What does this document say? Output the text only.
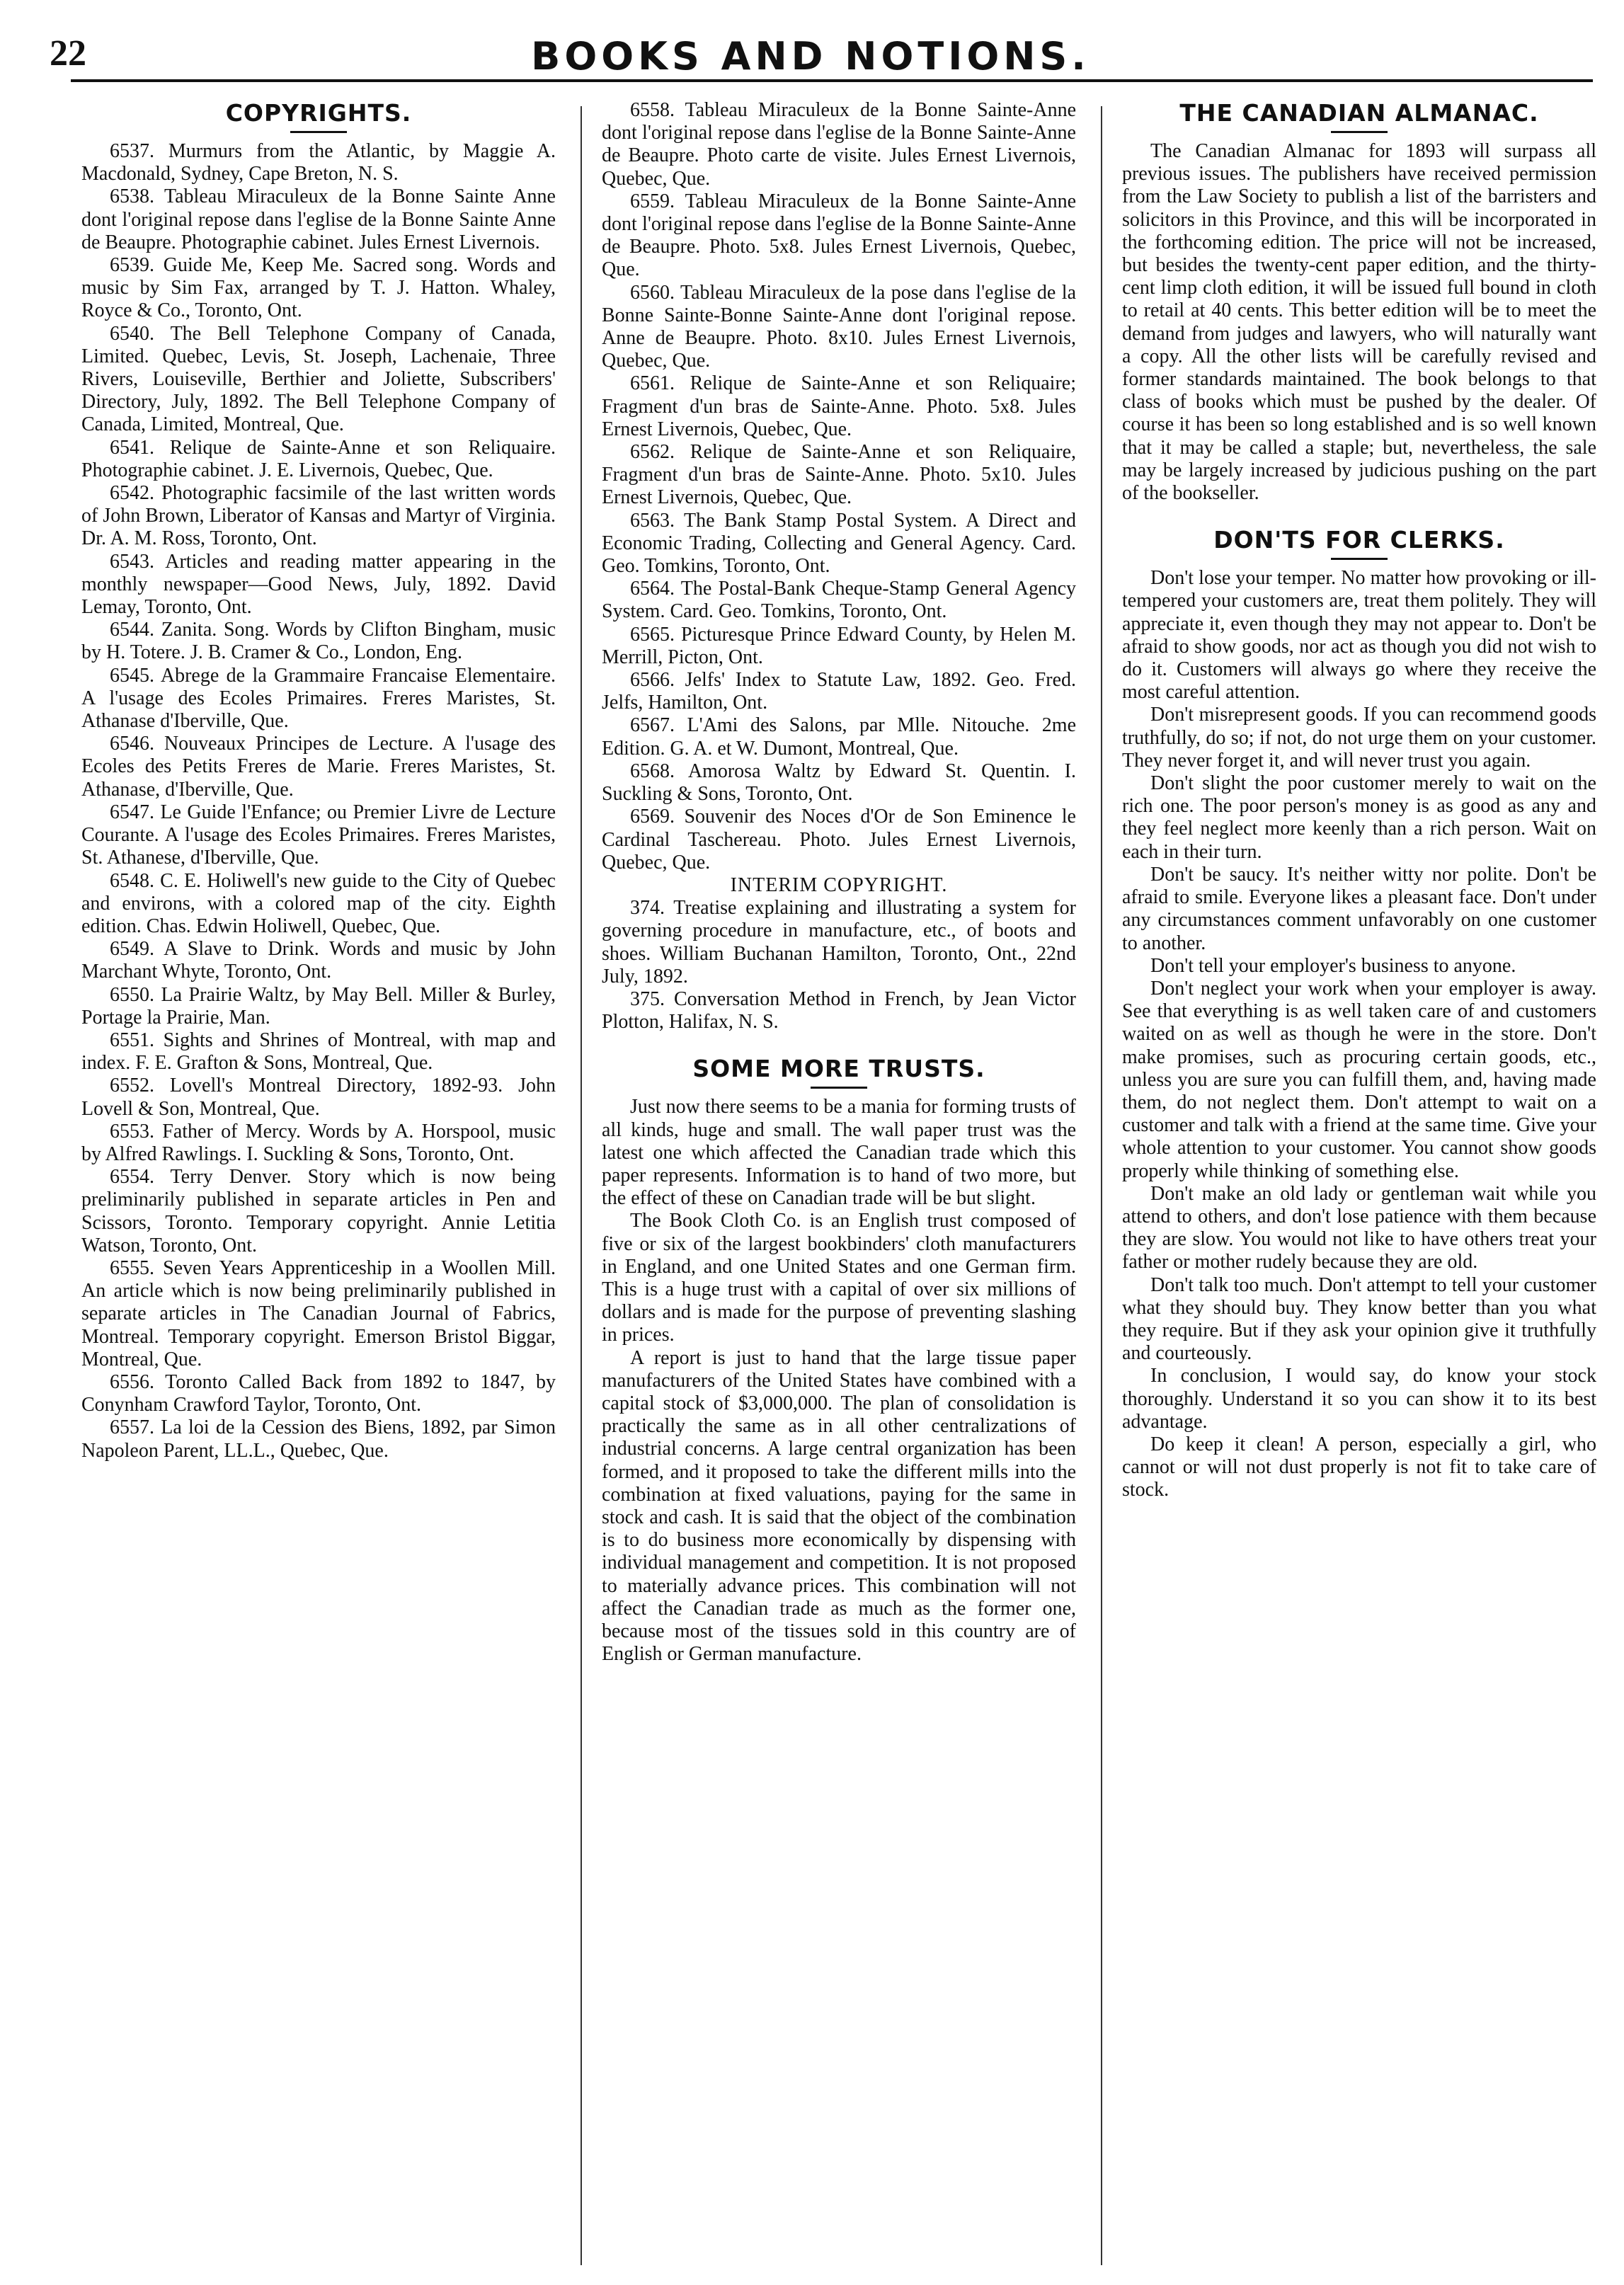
22	BOOKS AND NOTIONS.
COPYRIGHTS.

6537. Murmurs from the Atlantic, by Maggie A. Macdonald, Sydney, Cape Breton, N. S.

6538. Tableau Miraculeux de la Bonne Sainte Anne dont l'original repose dans l'eglise de la Bonne Sainte Anne de Beaupre. Photographie cabinet. Jules Ernest Livernois.

6539. Guide Me, Keep Me. Sacred song. Words and music by Sim Fax, arranged by T. J. Hatton. Whaley, Royce & Co., Toronto, Ont.

6540. The Bell Telephone Company of Canada, Limited. Quebec, Levis, St. Joseph, Lachenaie, Three Rivers, Louiseville, Berthier and Joliette, Subscribers' Directory, July, 1892. The Bell Telephone Company of Canada, Limited, Montreal, Que.

6541. Relique de Sainte-Anne et son Reliquaire. Photographie cabinet. J. E. Livernois, Quebec, Que.

6542. Photographic facsimile of the last written words of John Brown, Liberator of Kansas and Martyr of Virginia. Dr. A. M. Ross, Toronto, Ont.

6543. Articles and reading matter appearing in the monthly newspaper—Good News, July, 1892. David Lemay, Toronto, Ont.

6544. Zanita. Song. Words by Clifton Bingham, music by H. Totere. J. B. Cramer & Co., London, Eng.

6545. Abrege de la Grammaire Francaise Elementaire. A l'usage des Ecoles Primaires. Freres Maristes, St. Athanase d'Iberville, Que.

6546. Nouveaux Principes de Lecture. A l'usage des Ecoles des Petits Freres de Marie. Freres Maristes, St. Athanase, d'Iberville, Que.

6547. Le Guide l'Enfance; ou Premier Livre de Lecture Courante. A l'usage des Ecoles Primaires. Freres Maristes, St. Athanese, d'Iberville, Que.

6548. C. E. Holiwell's new guide to the City of Quebec and environs, with a colored map of the city. Eighth edition. Chas. Edwin Holiwell, Quebec, Que.

6549. A Slave to Drink. Words and music by John Marchant Whyte, Toronto, Ont.

6550. La Prairie Waltz, by May Bell. Miller & Burley, Portage la Prairie, Man.

6551. Sights and Shrines of Montreal, with map and index. F. E. Grafton & Sons, Montreal, Que.

6552. Lovell's Montreal Directory, 1892-93. John Lovell & Son, Montreal, Que.

6553. Father of Mercy. Words by A. Horspool, music by Alfred Rawlings. I. Suckling & Sons, Toronto, Ont.

6554. Terry Denver. Story which is now being preliminarily published in separate articles in Pen and Scissors, Toronto. Temporary copyright. Annie Letitia Watson, Toronto, Ont.

6555. Seven Years Apprenticeship in a Woollen Mill. An article which is now being preliminarily published in separate articles in The Canadian Journal of Fabrics, Montreal. Temporary copyright. Emerson Bristol Biggar, Montreal, Que.

6556. Toronto Called Back from 1892 to 1847, by Conynham Crawford Taylor, Toronto, Ont.

6557. La loi de la Cession des Biens, 1892, par Simon Napoleon Parent, LL.L., Quebec, Que.

6558. Tableau Miraculeux de la Bonne Sainte-Anne dont l'original repose dans l'eglise de la Bonne Sainte-Anne de Beaupre. Photo carte de visite. Jules Ernest Livernois, Quebec, Que.

6559. Tableau Miraculeux de la Bonne Sainte-Anne dont l'original repose dans l'eglise de la Bonne Sainte-Anne de Beaupre. Photo. 5x8. Jules Ernest Livernois, Quebec, Que.

6560. Tableau Miraculeux de la pose dans l'eglise de la Bonne Sainte-Bonne Sainte-Anne dont l'original repose. Anne de Beaupre. Photo. 8x10. Jules Ernest Livernois, Quebec, Que.

6561. Relique de Sainte-Anne et son Reliquaire; Fragment d'un bras de Sainte-Anne. Photo. 5x8. Jules Ernest Livernois, Quebec, Que.

6562. Relique de Sainte-Anne et son Reliquaire, Fragment d'un bras de Sainte-Anne. Photo. 5x10. Jules Ernest Livernois, Quebec, Que.

6563. The Bank Stamp Postal System. A Direct and Economic Trading, Collecting and General Agency. Card. Geo. Tomkins, Toronto, Ont.

6564. The Postal-Bank Cheque-Stamp General Agency System. Card. Geo. Tomkins, Toronto, Ont.

6565. Picturesque Prince Edward County, by Helen M. Merrill, Picton, Ont.

6566. Jelfs' Index to Statute Law, 1892. Geo. Fred. Jelfs, Hamilton, Ont.

6567. L'Ami des Salons, par Mlle. Nitouche. 2me Edition. G. A. et W. Dumont, Montreal, Que.

6568. Amorosa Waltz by Edward St. Quentin. I. Suckling & Sons, Toronto, Ont.

6569. Souvenir des Noces d'Or de Son Eminence le Cardinal Taschereau. Photo. Jules Ernest Livernois, Quebec, Que.

INTERIM COPYRIGHT.

374. Treatise explaining and illustrating a system for governing procedure in manufacture, etc., of boots and shoes. William Buchanan Hamilton, Toronto, Ont., 22nd July, 1892.

375. Conversation Method in French, by Jean Victor Plotton, Halifax, N. S.

SOME MORE TRUSTS.

Just now there seems to be a mania for forming trusts of all kinds, huge and small. The wall paper trust was the latest one which affected the Canadian trade which this paper represents. Information is to hand of two more, but the effect of these on Canadian trade will be but slight.

The Book Cloth Co. is an English trust composed of five or six of the largest bookbinders' cloth manufacturers in England, and one United States and one German firm. This is a huge trust with a capital of over six millions of dollars and is made for the purpose of preventing slashing in prices.

A report is just to hand that the large tissue paper manufacturers of the United States have combined with a capital stock of $3,000,000. The plan of consolidation is practically the same as in all other centralizations of industrial concerns. A large central organization has been formed, and it proposed to take the different mills into the combination at fixed valuations, paying for the same in stock and cash. It is said that the object of the combination is to do business more economically by dispensing with individual management and competition. It is not proposed to materially advance prices. This combination will not affect the Canadian trade as much as the former one, because most of the tissues sold in this country are of English or German manufacture.

THE CANADIAN ALMANAC.

The Canadian Almanac for 1893 will surpass all previous issues. The publishers have received permission from the Law Society to publish a list of the barristers and solicitors in this Province, and this will be incorporated in the forthcoming edition. The price will not be increased, but besides the twenty-cent paper edition, and the thirty-cent limp cloth edition, it will be issued full bound in cloth to retail at 40 cents. This better edition will be to meet the demand from judges and lawyers, who will naturally want a copy. All the other lists will be carefully revised and former standards maintained. The book belongs to that class of books which must be pushed by the dealer. Of course it has been so long established and is so well known that it may be called a staple; but, nevertheless, the sale may be largely increased by judicious pushing on the part of the bookseller.

DON'TS FOR CLERKS.

Don't lose your temper. No matter how provoking or ill-tempered your customers are, treat them politely. They will appreciate it, even though they may not appear to. Don't be afraid to show goods, nor act as though you did not wish to do it. Customers will always go where they receive the most careful attention.

Don't misrepresent goods. If you can recommend goods truthfully, do so; if not, do not urge them on your customer. They never forget it, and will never trust you again.

Don't slight the poor customer merely to wait on the rich one. The poor person's money is as good as any and they feel neglect more keenly than a rich person. Wait on each in their turn.

Don't be saucy. It's neither witty nor polite. Don't be afraid to smile. Everyone likes a pleasant face. Don't under any circumstances comment unfavorably on one customer to another.

Don't tell your employer's business to anyone.

Don't neglect your work when your employer is away. See that everything is as well taken care of and customers waited on as well as though he were in the store. Don't make promises, such as procuring certain goods, etc., unless you are sure you can fulfill them, and, having made them, do not neglect them. Don't attempt to wait on a customer and talk with a friend at the same time. Give your whole attention to your customer. You cannot show goods properly while thinking of something else.

Don't make an old lady or gentleman wait while you attend to others, and don't lose patience with them because they are slow. You would not like to have others treat your father or mother rudely because they are old.

Don't talk too much. Don't attempt to tell your customer what they should buy. They know better than you what they require. But if they ask your opinion give it truthfully and courteously.

In conclusion, I would say, do know your stock thoroughly. Understand it so you can show it to its best advantage.

Do keep it clean! A person, especially a girl, who cannot or will not dust properly is not fit to take care of stock.
